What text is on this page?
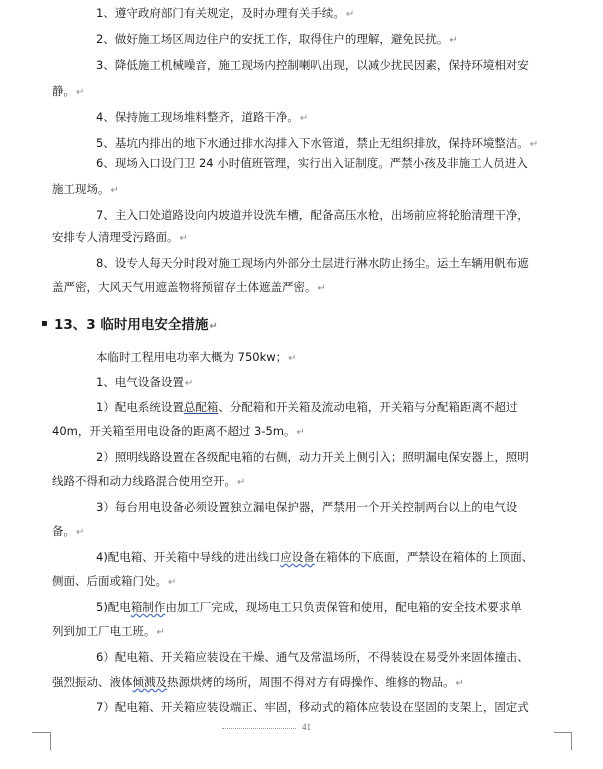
1、遵守政府部门有关规定，及时办理有关手续。↵
2、做好施工场区周边住户的安抚工作，取得住户的理解，避免民扰。↵
3、降低施工机械噪音，施工现场内控制喇叭出现，以减少扰民因素，保持环境相对安
静。↵
4、保持施工现场堆料整齐，道路干净。↵
5、基坑内排出的地下水通过排水沟排入下水管道，禁止无组织排放，保持环境整洁。↵
6、现场入口设门卫 24 小时值班管理，实行出入证制度。严禁小孩及非施工人员进入
施工现场。↵
7、主入口处道路设向内坡道并设洗车槽，配备高压水枪，出场前应将轮胎清理干净，
安排专人清理受污路面。↵
8、设专人每天分时段对施工现场内外部分土层进行淋水防止扬尘。运土车辆用帆布遮
盖严密，大风天气用遮盖物将预留存土体遮盖严密。↵
▪ 13、3 临时用电安全措施↵
本临时工程用电功率大概为 750kw；↵
1、电气设备设置↵
1）配电系统设置总配箱、分配箱和开关箱及流动电箱，开关箱与分配箱距离不超过
40m，开关箱至用电设备的距离不超过 3-5m。↵
2）照明线路设置在各级配电箱的右侧，动力开关上侧引入；照明漏电保安器上，照明
线路不得和动力线路混合使用空开。↵
3）每台用电设备必须设置独立漏电保护器，严禁用一个开关控制两台以上的电气设
备。↵
4)配电箱、开关箱中导线的进出线口应设备在箱体的下底面，严禁设在箱体的上顶面、
侧面、后面或箱门处。↵
5)配电箱制作由加工厂完成，现场电工只负责保管和使用，配电箱的安全技术要求单
列到加工厂电工班。↵
6）配电箱、开关箱应装设在干燥、通气及常温场所，不得装设在易受外来固体撞击、
强烈振动、液体倾溅及热源烘烤的场所，周围不得对方有碍操作、维修的物品。↵
7）配电箱、开关箱应装设端正、牢固，移动式的箱体应装设在坚固的支架上，固定式
41
